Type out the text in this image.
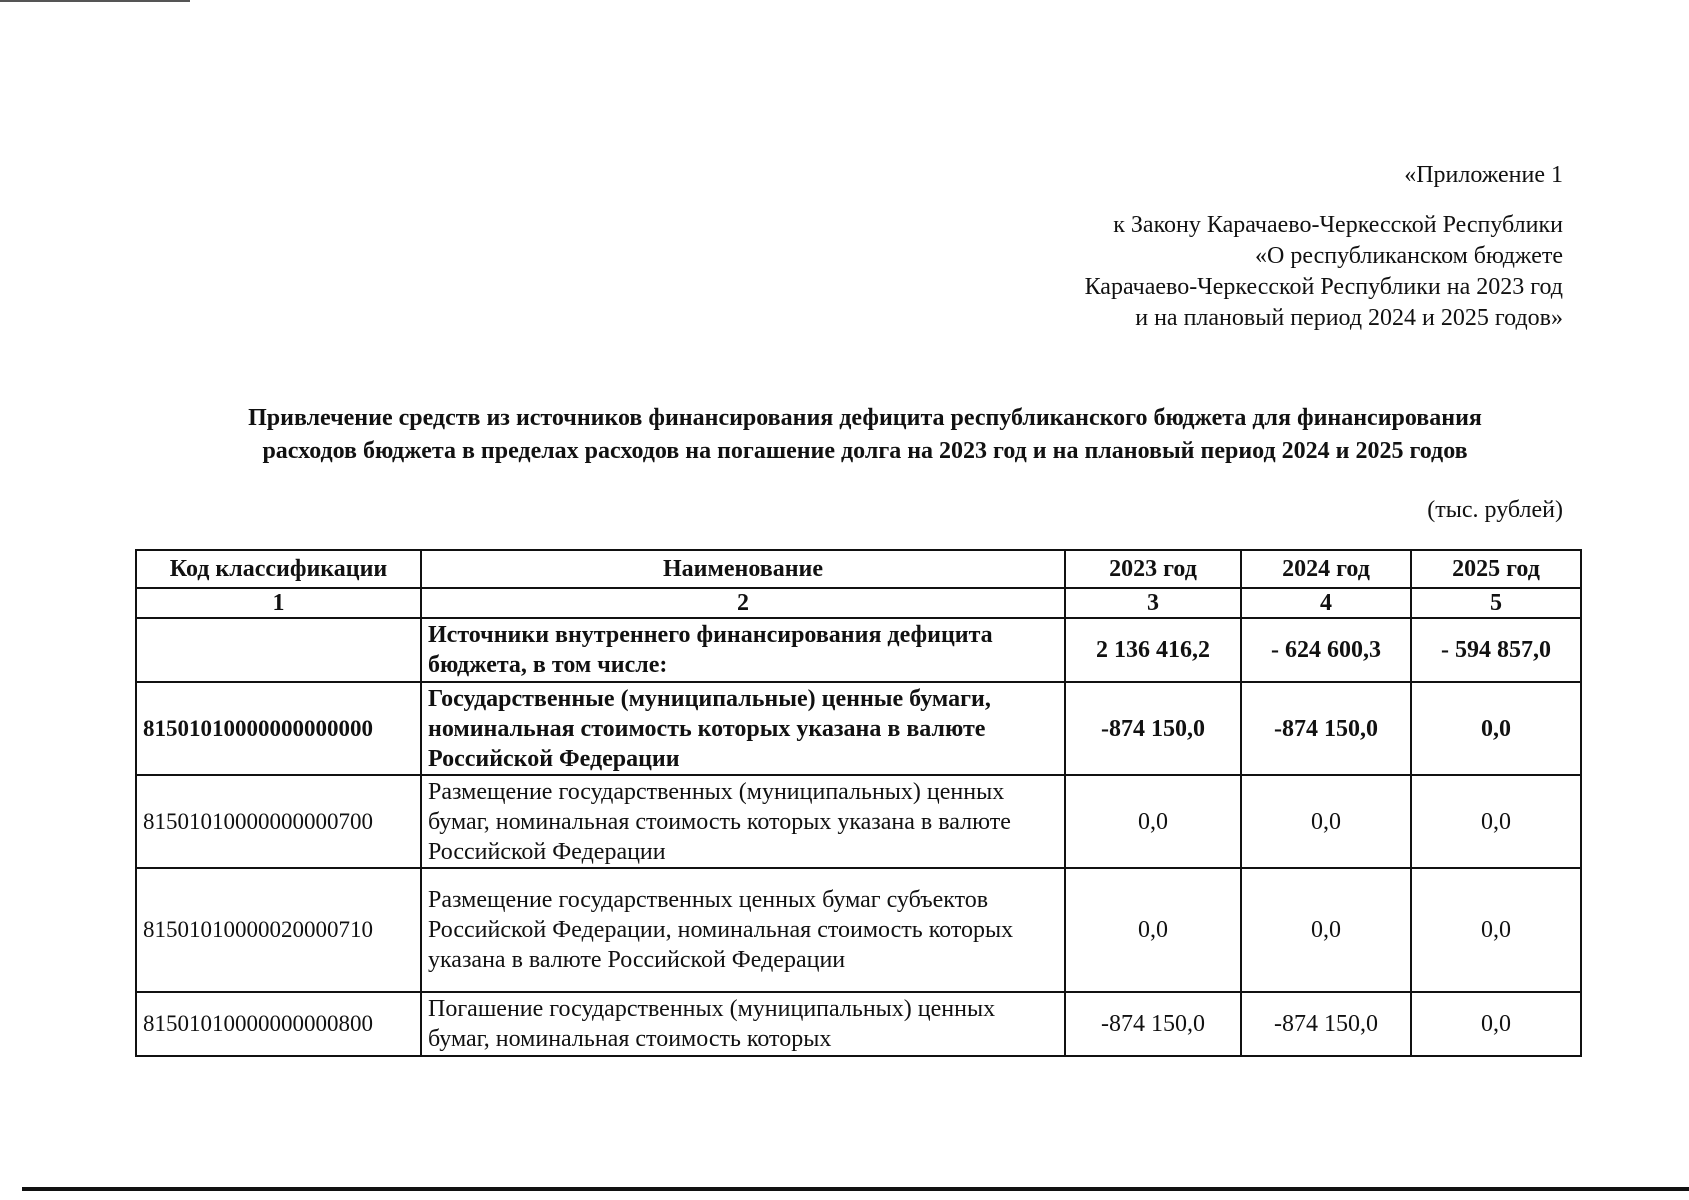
«Приложение 1
к Закону Карачаево-Черкесской Республики
«О республиканском бюджете
Карачаево-Черкесской Республики на 2023 год
и на плановый период 2024 и 2025 годов»
Привлечение средств из источников финансирования дефицита республиканского бюджета для финансирования
расходов бюджета в пределах расходов на погашение долга на 2023 год и на плановый период 2024 и 2025 годов
(тыс. рублей)
Код классификации	Наименование	2023 год	2024 год	2025 год
1	2	3	4	5
	Источники внутреннего финансирования дефицита бюджета, в том числе:	2 136 416,2	- 624 600,3	- 594 857,0
81501010000000000000	Государственные (муниципальные) ценные бумаги, номинальная стоимость которых указана в валюте Российской Федерации	-874 150,0	-874 150,0	0,0
81501010000000000700	Размещение государственных (муниципальных) ценных бумаг, номинальная стоимость которых указана в валюте Российской Федерации	0,0	0,0	0,0
81501010000020000710	Размещение государственных ценных бумаг субъектов Российской Федерации, номинальная стоимость которых указана в валюте Российской Федерации	0,0	0,0	0,0
81501010000000000800	Погашение государственных (муниципальных) ценных бумаг, номинальная стоимость которых	-874 150,0	-874 150,0	0,0
